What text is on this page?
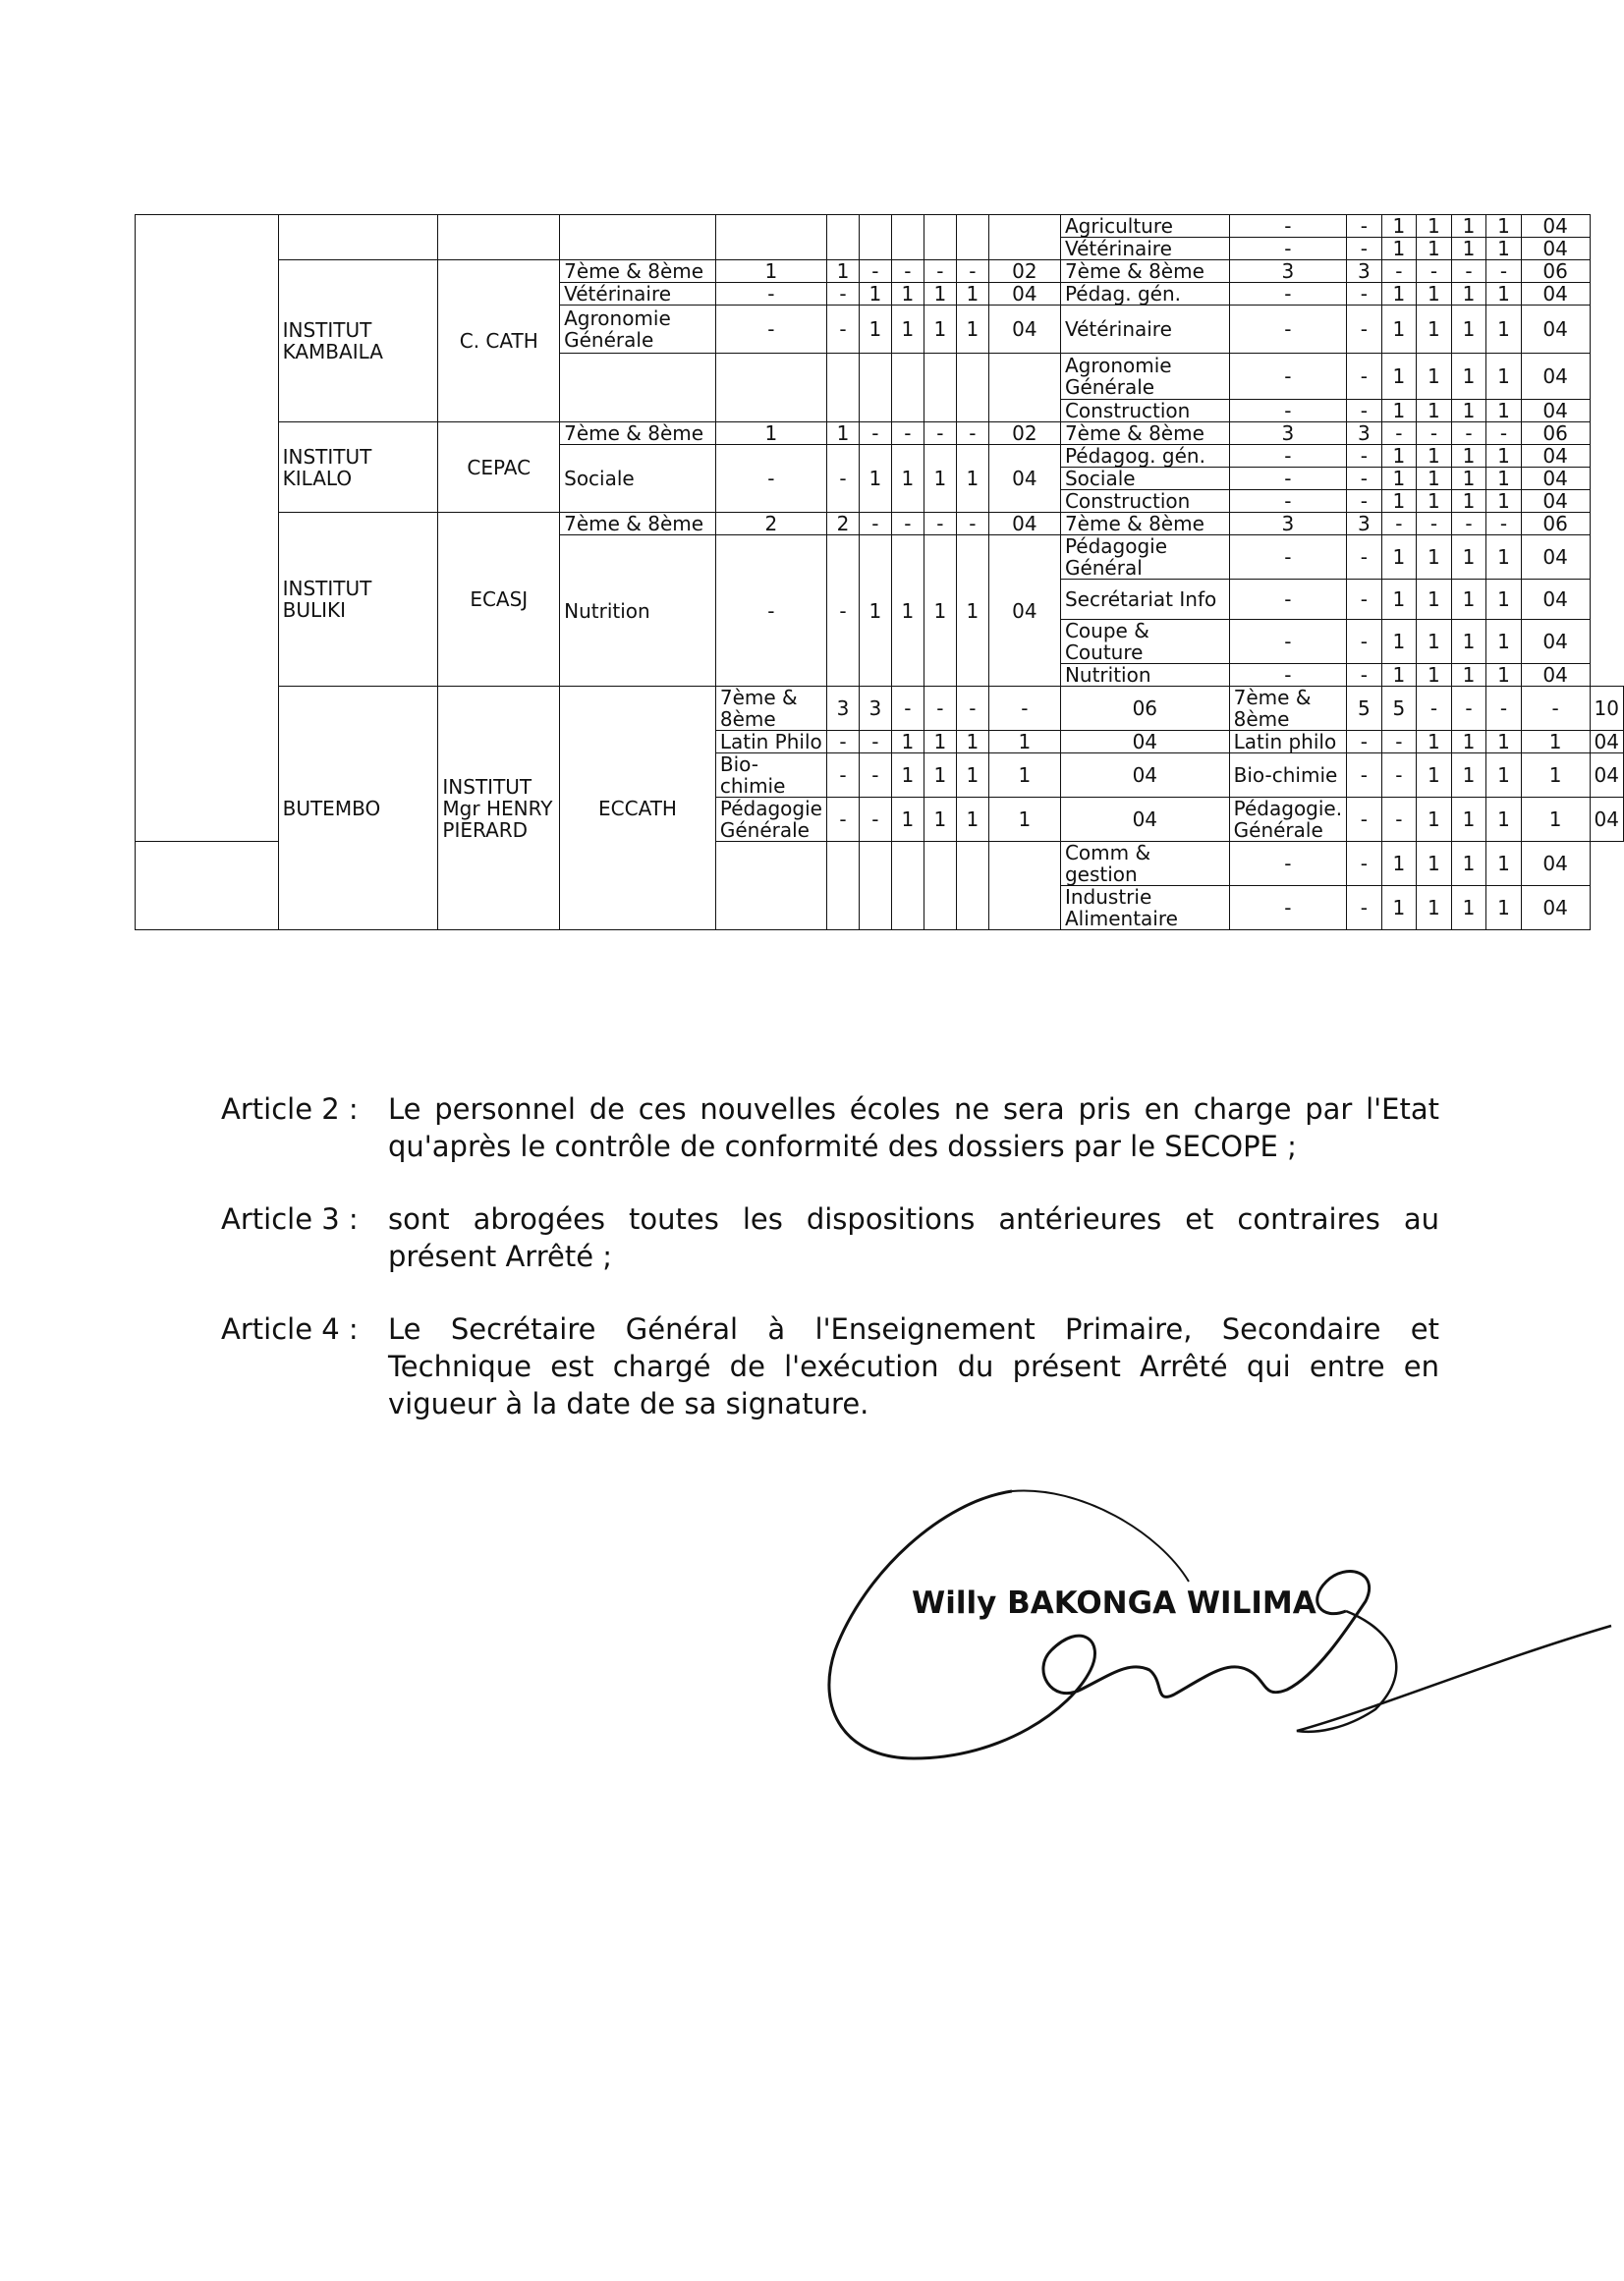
											Agriculture	-	-	1	1	1	1	04	
											Vétérinaire	-	-	1	1	1	1	04	
	INSTITUT KAMBAILA	C. CATH	7ème & 8ème	1	1	-	-	-	-	02	7ème & 8ème	3	3	-	-	-	-	06	
			Vétérinaire	-	-	1	1	1	1	04	Pédag. gén.	-	-	1	1	1	1	04	
			Agronomie Générale	-	-	1	1	1	1	04	Vétérinaire	-	-	1	1	1	1	04	
											Agronomie Générale	-	-	1	1	1	1	04	
											Construction	-	-	1	1	1	1	04	
	INSTITUT KILALO	CEPAC	7ème & 8ème	1	1	-	-	-	-	02	7ème & 8ème	3	3	-	-	-	-	06	
			Sociale	-	-	1	1	1	1	04	Pédagog. gén.	-	-	1	1	1	1	04	
											Sociale	-	-	1	1	1	1	04	
											Construction	-	-	1	1	1	1	04	
	INSTITUT BULIKI	ECASJ	7ème & 8ème	2	2	-	-	-	-	04	7ème & 8ème	3	3	-	-	-	-	06	
			Nutrition	-	-	1	1	1	1	04	Pédagogie Général	-	-	1	1	1	1	04	
											Secrétariat Info	-	-	1	1	1	1	04	
											Coupe & Couture	-	-	1	1	1	1	04	
											Nutrition	-	-	1	1	1	1	04	
	BUTEMBO	INSTITUT Mgr HENRY PIERARD	ECCATH	7ème & 8ème	3	3	-	-	-	-	06	7ème & 8ème	5	5	-	-	-	-	10
				Latin Philo	-	-	1	1	1	1	04	Latin philo	-	-	1	1	1	1	04
				Bio-chimie	-	-	1	1	1	1	04	Bio-chimie	-	-	1	1	1	1	04
				Pédagogie Générale	-	-	1	1	1	1	04	Pédagogie. Générale	-	-	1	1	1	1	04
											Comm & gestion	-	-	1	1	1	1	04	
											Industrie Alimentaire	-	-	1	1	1	1	04	
Article 2 :	Le personnel de ces nouvelles écoles ne sera pris en charge par l'Etat qu'après le contrôle de conformité des dossiers par le SECOPE ;
Article 3 :	sont abrogées toutes les dispositions antérieures et contraires au présent Arrêté ;
Article 4 :	Le Secrétaire Général à l'Enseignement Primaire, Secondaire et Technique est chargé de l'exécution du présent Arrêté qui entre en vigueur à la date de sa signature.
Willy BAKONGA WILIMA
